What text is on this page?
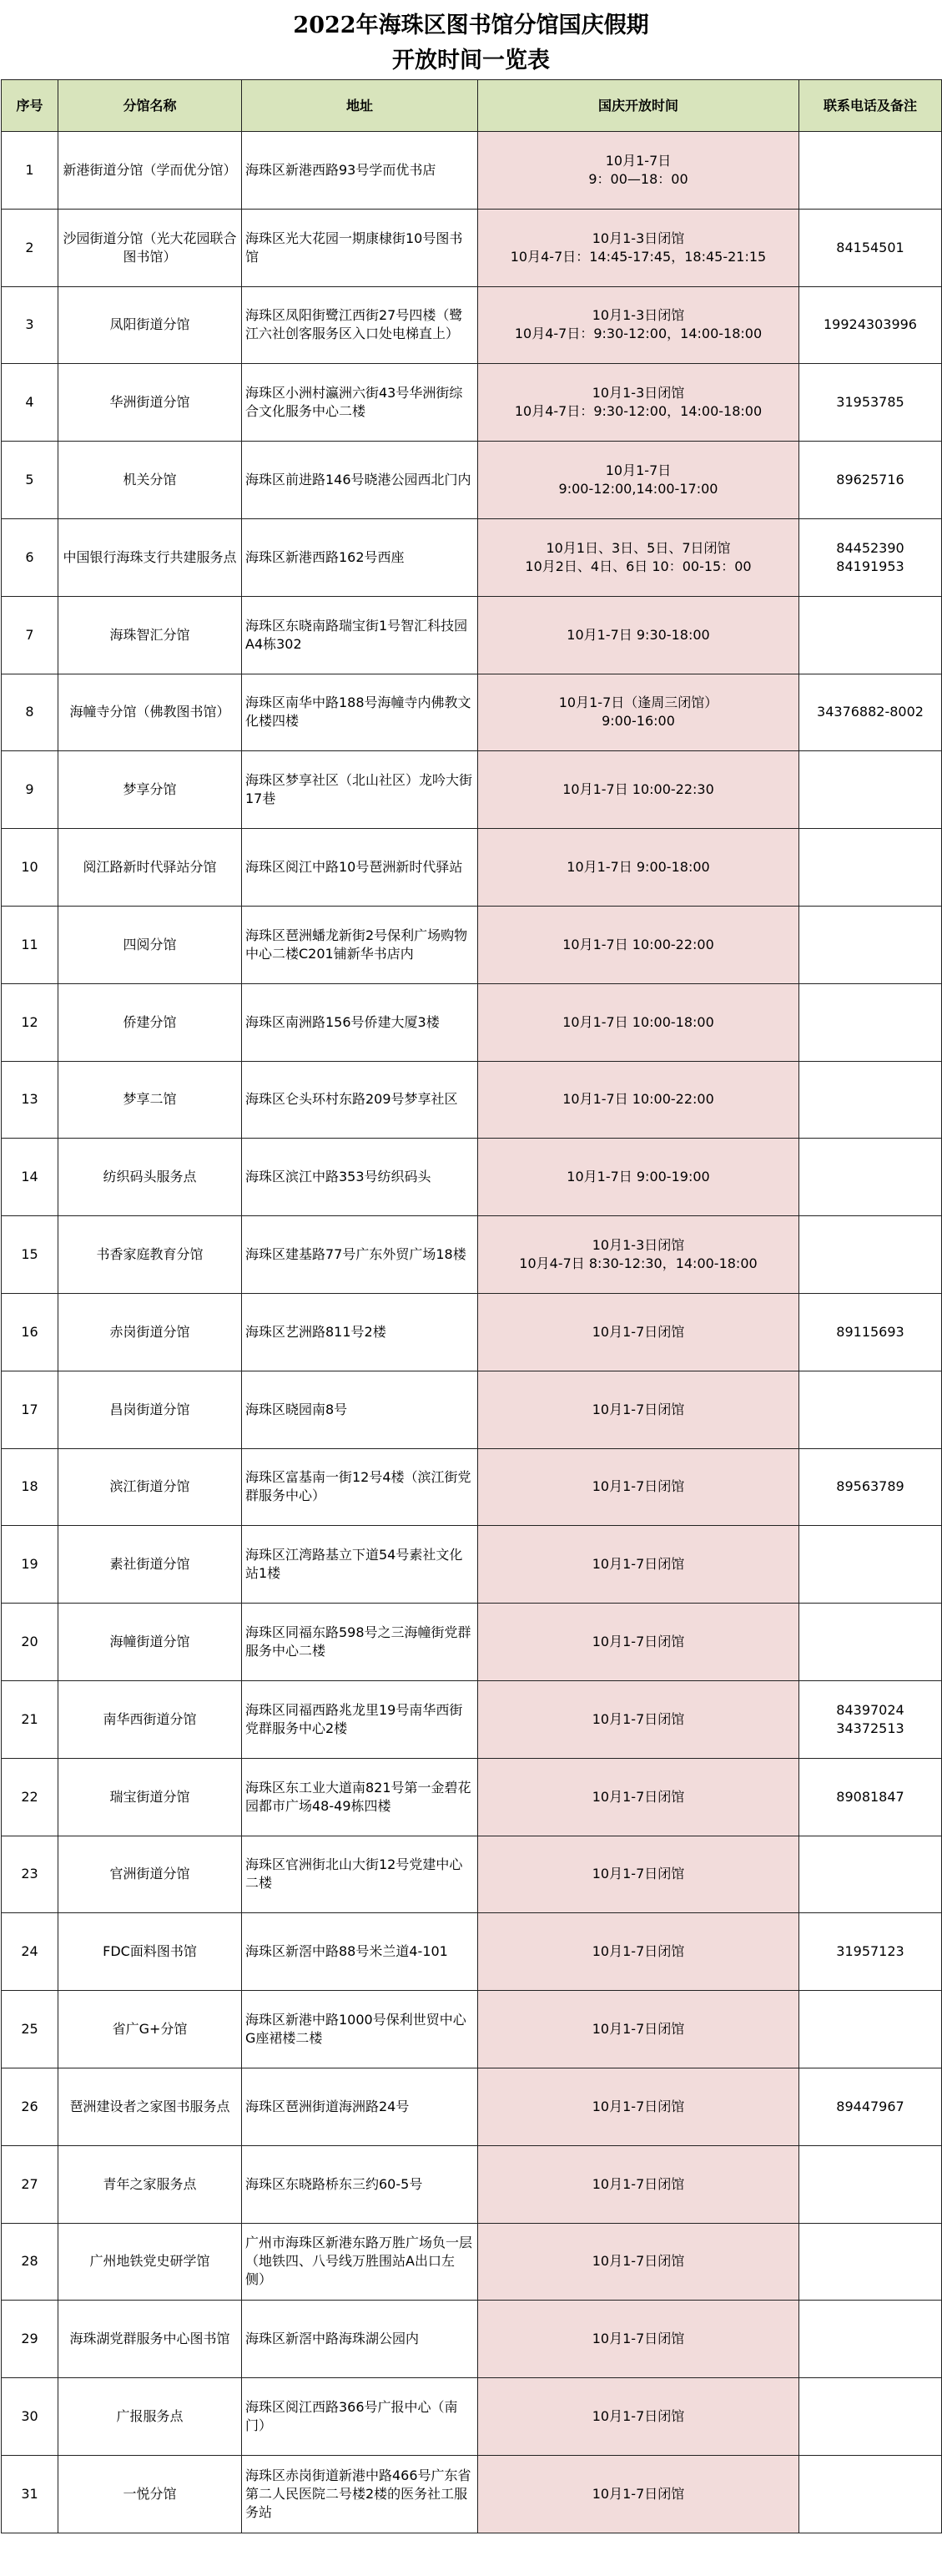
2022年海珠区图书馆分馆国庆假期
开放时间一览表
序号	分馆名称	地址	国庆开放时间	联系电话及备注
1	新港街道分馆（学而优分馆）	海珠区新港西路93号学而优书店	10月1-7日
9：00—18：00	
2	沙园街道分馆（光大花园联合图书馆）	海珠区光大花园一期康棣街10号图书馆	10月1-3日闭馆
10月4-7日：14:45-17:45，18:45-21:15	84154501
3	凤阳街道分馆	海珠区凤阳街鹭江西街27号四楼（鹭江六社创客服务区入口处电梯直上）	10月1-3日闭馆
10月4-7日：9:30-12:00，14:00-18:00	19924303996
4	华洲街道分馆	海珠区小洲村瀛洲六街43号华洲街综合文化服务中心二楼	10月1-3日闭馆
10月4-7日：9:30-12:00，14:00-18:00	31953785
5	机关分馆	海珠区前进路146号晓港公园西北门内	10月1-7日
9:00-12:00,14:00-17:00	89625716
6	中国银行海珠支行共建服务点	海珠区新港西路162号西座	10月1日、3日、5日、7日闭馆
10月2日、4日、6日 10：00-15：00	84452390
84191953
7	海珠智汇分馆	海珠区东晓南路瑞宝街1号智汇科技园A4栋302	10月1-7日 9:30-18:00	
8	海幢寺分馆（佛教图书馆）	海珠区南华中路188号海幢寺内佛教文化楼四楼	10月1-7日（逢周三闭馆）
9:00-16:00	34376882-8002
9	梦享分馆	海珠区梦享社区（北山社区）龙吟大街17巷	10月1-7日 10:00-22:30	
10	阅江路新时代驿站分馆	海珠区阅江中路10号琶洲新时代驿站	10月1-7日 9:00-18:00	
11	四阅分馆	海珠区琶洲蟠龙新街2号保利广场购物中心二楼C201铺新华书店内	10月1-7日 10:00-22:00	
12	侨建分馆	海珠区南洲路156号侨建大厦3楼	10月1-7日 10:00-18:00	
13	梦享二馆	海珠区仑头环村东路209号梦享社区	10月1-7日 10:00-22:00	
14	纺织码头服务点	海珠区滨江中路353号纺织码头	10月1-7日 9:00-19:00	
15	书香家庭教育分馆	海珠区建基路77号广东外贸广场18楼	10月1-3日闭馆
10月4-7日 8:30-12:30，14:00-18:00	
16	赤岗街道分馆	海珠区艺洲路811号2楼	10月1-7日闭馆	89115693
17	昌岗街道分馆	海珠区晓园南8号	10月1-7日闭馆	
18	滨江街道分馆	海珠区富基南一街12号4楼（滨江街党群服务中心）	10月1-7日闭馆	89563789
19	素社街道分馆	海珠区江湾路基立下道54号素社文化站1楼	10月1-7日闭馆	
20	海幢街道分馆	海珠区同福东路598号之三海幢街党群服务中心二楼	10月1-7日闭馆	
21	南华西街道分馆	海珠区同福西路兆龙里19号南华西街党群服务中心2楼	10月1-7日闭馆	84397024
34372513
22	瑞宝街道分馆	海珠区东工业大道南821号第一金碧花园都市广场48-49栋四楼	10月1-7日闭馆	89081847
23	官洲街道分馆	海珠区官洲街北山大街12号党建中心二楼	10月1-7日闭馆	
24	FDC面料图书馆	海珠区新滘中路88号米兰道4-101	10月1-7日闭馆	31957123
25	省广G+分馆	海珠区新港中路1000号保利世贸中心G座裙楼二楼	10月1-7日闭馆	
26	琶洲建设者之家图书服务点	海珠区琶洲街道海洲路24号	10月1-7日闭馆	89447967
27	青年之家服务点	海珠区东晓路桥东三约60-5号	10月1-7日闭馆	
28	广州地铁党史研学馆	广州市海珠区新港东路万胜广场负一层（地铁四、八号线万胜围站A出口左侧）	10月1-7日闭馆	
29	海珠湖党群服务中心图书馆	海珠区新滘中路海珠湖公园内	10月1-7日闭馆	
30	广报服务点	海珠区阅江西路366号广报中心（南门）	10月1-7日闭馆	
31	一悦分馆	海珠区赤岗街道新港中路466号广东省第二人民医院二号楼2楼的医务社工服务站	10月1-7日闭馆	
